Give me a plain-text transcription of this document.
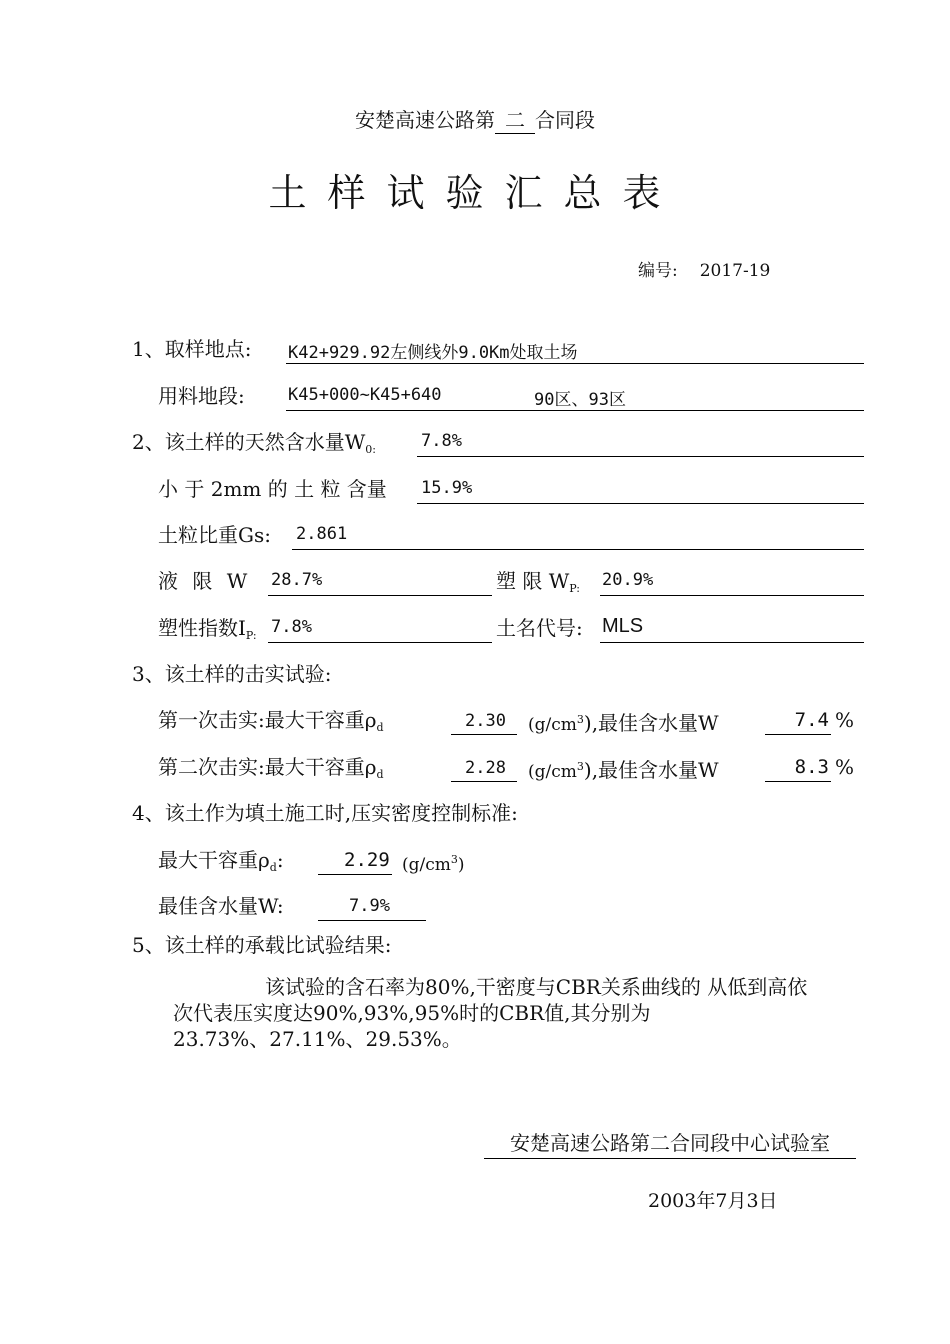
安楚高速公路第 二 合同段
土样试验汇总表
编号: 2017-19
1、取样地点: K42+929.92左侧线外9.0Km处取土场
用料地段:	K45+000~K45+640	90区、93区
2、该土样的天然含水量$W_{0:}$	7.8%
小 于 2mm 的 土 粒 含量 15.9%
土粒比重Gs: 2.861
液 限 W 28.7%	塑 限 $W_{P:}$ 20.9%
塑性指数$I_{P:}$ 7.8%	土名代号: MLS
3、该土样的击实试验:
第一次击实:最大干容重$\rho_d$	2.30 $(g/cm^3)$,最佳含水量W	7.4 %
第二次击实:最大干容重$\rho_d$	2.28 $(g/cm^3)$,最佳含水量W	8.3 %
4、该土作为填土施工时,压实密度控制标准:
最大干容重$\rho_d$:	2.29 $(g/cm^3)$
最佳含水量W:	7.9%
5、该土样的承载比试验结果:
该试验的含石率为80%,干密度与CBR关系曲线的 从低到高依
次代表压实度达90%,93%,95%时的CBR值,其分别为
23.73%、27.11%、29.53%。
安楚高速公路第二合同段中心试验室
2003年7月3日
